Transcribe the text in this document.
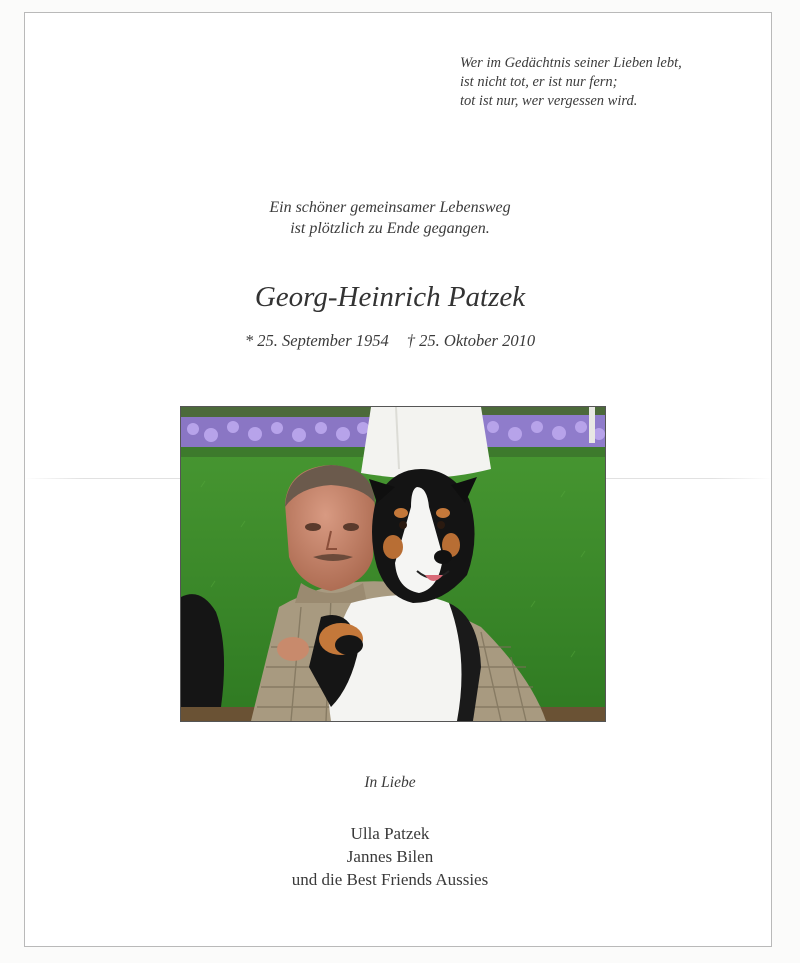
Wer im Gedächtnis seiner Lieben lebt,
ist nicht tot, er ist nur fern;
tot ist nur, wer vergessen wird.
Ein schöner gemeinsamer Lebensweg
ist plötzlich zu Ende gegangen.
Georg-Heinrich Patzek
* 25. September 1954 † 25. Oktober 2010
In Liebe
Ulla Patzek
Jannes Bilen
und die Best Friends Aussies
